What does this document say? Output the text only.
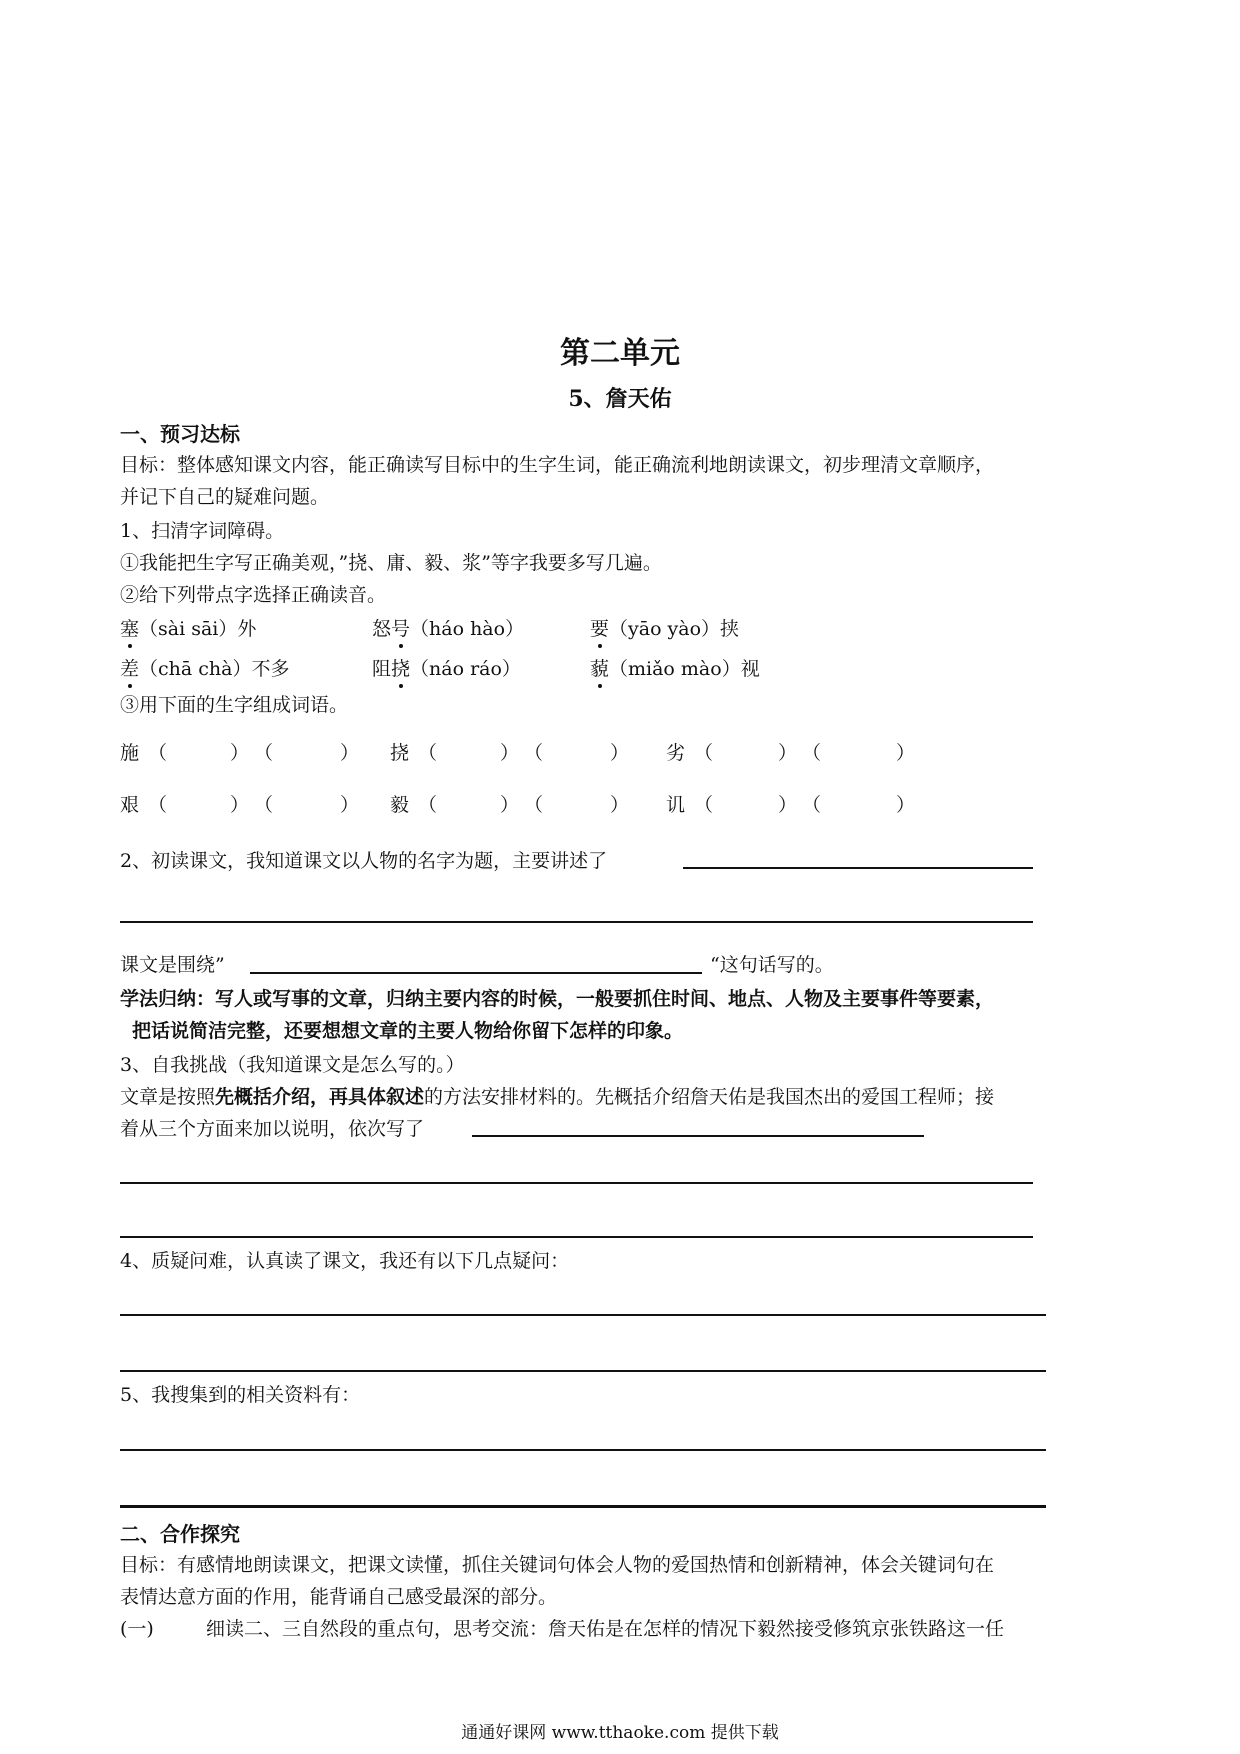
第二单元
5、詹天佑
一、预习达标
目标：整体感知课文内容，能正确读写目标中的生字生词，能正确流利地朗读课文，初步理清文章顺序，
并记下自己的疑难问题。
1、扫清字词障碍。
①我能把生字写正确美观，”挠、庸、毅、浆”等字我要多写几遍。
②给下列带点字选择正确读音。
塞（sài sāi）外	怒号（háo hào）	要（yāo yào）挟
差（chā chà）不多	阻挠（náo ráo）	藐（miǎo mào）视
③用下面的生字组成词语。
施 （	） （	） 挠 （	） （	） 劣 （	） （	）
艰 （	） （	） 毅 （	） （	） 讥 （	） （	）
2、初读课文，我知道课文以人物的名字为题，主要讲述了
课文是围绕”	“这句话写的。
学法归纳：写人或写事的文章，归纳主要内容的时候，一般要抓住时间、地点、人物及主要事件等要素，
把话说简洁完整，还要想想文章的主要人物给你留下怎样的印象。
3、自我挑战（我知道课文是怎么写的。）
文章是按照先概括介绍，再具体叙述的方法安排材料的。先概括介绍詹天佑是我国杰出的爱国工程师；接
着从三个方面来加以说明，依次写了
4、质疑问难，认真读了课文，我还有以下几点疑问：
5、我搜集到的相关资料有：
二、合作探究
目标：有感情地朗读课文，把课文读懂，抓住关键词句体会人物的爱国热情和创新精神，体会关键词句在
表情达意方面的作用，能背诵自己感受最深的部分。
(一)	细读二、三自然段的重点句，思考交流：詹天佑是在怎样的情况下毅然接受修筑京张铁路这一任
通通好课网 www.tthaoke.com 提供下载
